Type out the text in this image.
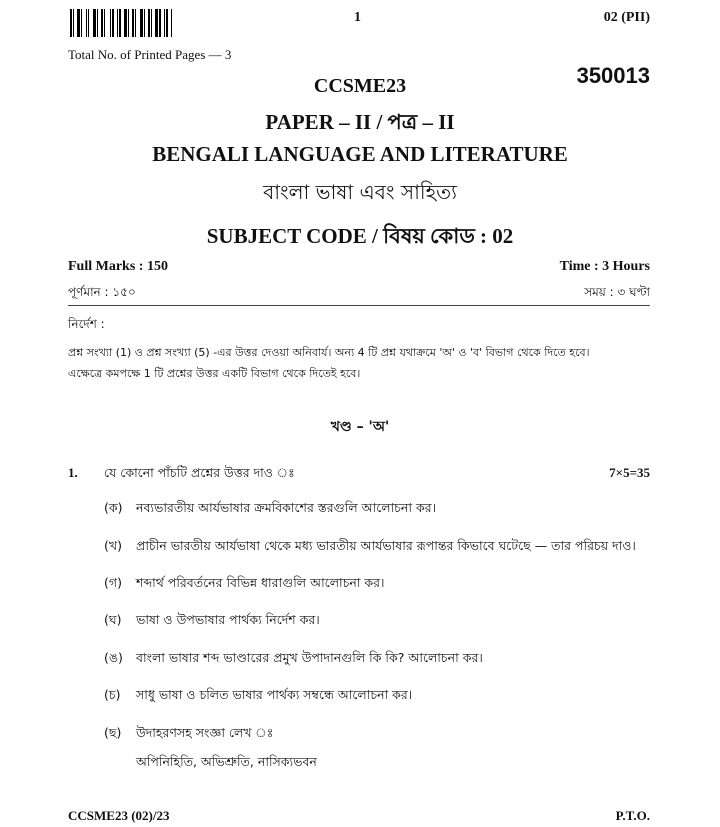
1	02 (PII)
Total No. of Printed Pages — 3
CCSME23	350013
PAPER – II / পত্র – II
BENGALI LANGUAGE AND LITERATURE
বাংলা ভাষা এবং সাহিত্য
SUBJECT CODE / বিষয় কোড : 02
Full Marks : 150	Time : 3 Hours
পূর্ণমান : ১৫০	সময় : ৩ ঘণ্টা
নির্দেশ :
প্রশ্ন সংখ্যা (1) ও প্রশ্ন সংখ্যা (5) -এর উত্তর দেওয়া অনিবার্য। অন্য 4 টি প্রশ্ন যথাক্রমে 'অ' ও 'ব' বিভাগ থেকে দিতে হবে।
এক্ষেত্রে কমপক্ষে 1 টি প্রশ্নের উত্তর একটি বিভাগ থেকে দিতেই হবে।
খণ্ড – 'অ'
1. যে কোনো পাঁচটি প্রশ্নের উত্তর দাও ঃ	7×5=35
(ক) নব্যভারতীয় আর্যভাষার ক্রমবিকাশের স্তরগুলি আলোচনা কর।
(খ) প্রাচীন ভারতীয় আর্যভাষা থেকে মধ্য ভারতীয় আর্যভাষার রূপান্তর কিভাবে ঘটেছে — তার পরিচয় দাও।
(গ) শব্দার্থ পরিবর্তনের বিভিন্ন ধারাগুলি আলোচনা কর।
(ঘ) ভাষা ও উপভাষার পার্থক্য নির্দেশ কর।
(ঙ) বাংলা ভাষার শব্দ ভাণ্ডারের প্রমুখ উপাদানগুলি কি কি? আলোচনা কর।
(চ) সাধু ভাষা ও চলিত ভাষার পার্থক্য সম্বন্ধে আলোচনা কর।
(ছ) উদাহরণসহ সংজ্ঞা লেখ ঃ
অপিনিহিতি, অভিশ্রুতি, নাসিক্যভবন
CCSME23 (02)/23	P.T.O.
